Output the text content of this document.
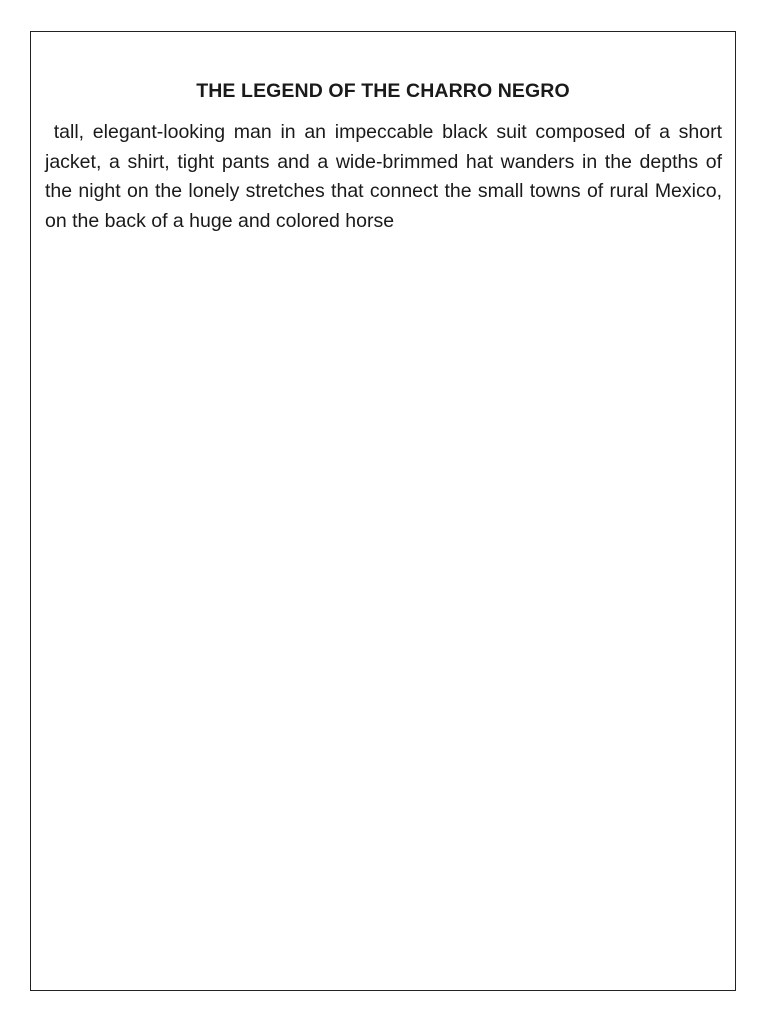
THE LEGEND OF THE CHARRO NEGRO

tall, elegant-looking man in an impeccable black suit composed of a short jacket, a shirt, tight pants and a wide-brimmed hat wanders in the depths of the night on the lonely stretches that connect the small towns of rural Mexico, on the back of a huge and colored horse
